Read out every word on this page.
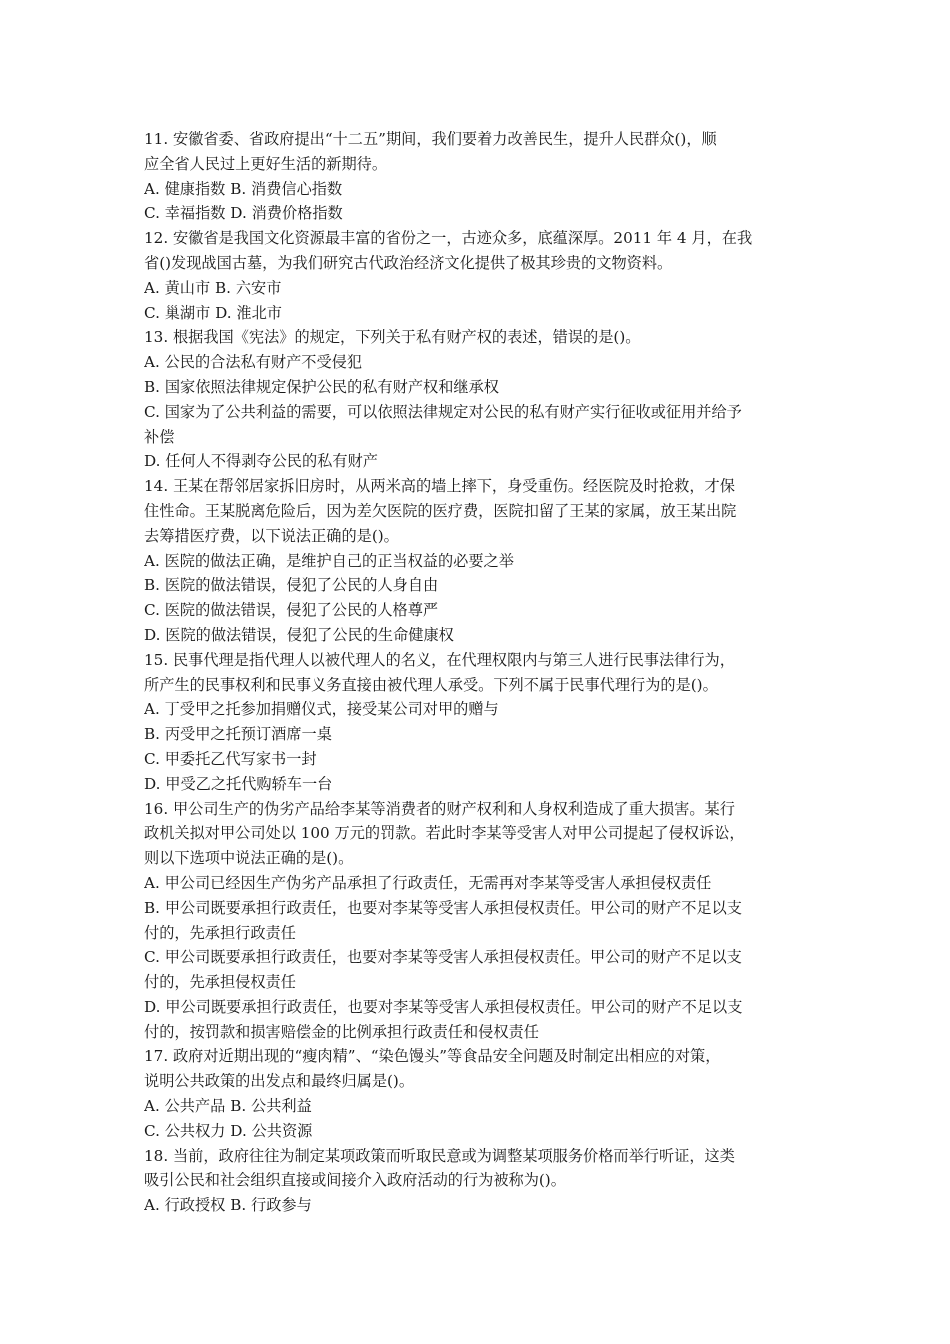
11. 安徽省委、省政府提出“十二五”期间，我们要着力改善民生，提升人民群众()，顺
应全省人民过上更好生活的新期待。
A. 健康指数 B. 消费信心指数
C. 幸福指数 D. 消费价格指数
12. 安徽省是我国文化资源最丰富的省份之一，古迹众多，底蕴深厚。2011 年 4 月，在我
省()发现战国古墓，为我们研究古代政治经济文化提供了极其珍贵的文物资料。
A. 黄山市 B. 六安市
C. 巢湖市 D. 淮北市
13. 根据我国《宪法》的规定，下列关于私有财产权的表述，错误的是()。
A. 公民的合法私有财产不受侵犯
B. 国家依照法律规定保护公民的私有财产权和继承权
C. 国家为了公共利益的需要，可以依照法律规定对公民的私有财产实行征收或征用并给予
补偿
D. 任何人不得剥夺公民的私有财产
14. 王某在帮邻居家拆旧房时，从两米高的墙上摔下，身受重伤。经医院及时抢救，才保
住性命。王某脱离危险后，因为差欠医院的医疗费，医院扣留了王某的家属，放王某出院
去筹措医疗费，以下说法正确的是()。
A. 医院的做法正确，是维护自己的正当权益的必要之举
B. 医院的做法错误，侵犯了公民的人身自由
C. 医院的做法错误，侵犯了公民的人格尊严
D. 医院的做法错误，侵犯了公民的生命健康权
15. 民事代理是指代理人以被代理人的名义，在代理权限内与第三人进行民事法律行为，
所产生的民事权利和民事义务直接由被代理人承受。下列不属于民事代理行为的是()。
A. 丁受甲之托参加捐赠仪式，接受某公司对甲的赠与
B. 丙受甲之托预订酒席一桌
C. 甲委托乙代写家书一封
D. 甲受乙之托代购轿车一台
16. 甲公司生产的伪劣产品给李某等消费者的财产权利和人身权利造成了重大损害。某行
政机关拟对甲公司处以 100 万元的罚款。若此时李某等受害人对甲公司提起了侵权诉讼，
则以下选项中说法正确的是()。
A. 甲公司已经因生产伪劣产品承担了行政责任，无需再对李某等受害人承担侵权责任
B. 甲公司既要承担行政责任，也要对李某等受害人承担侵权责任。甲公司的财产不足以支
付的，先承担行政责任
C. 甲公司既要承担行政责任，也要对李某等受害人承担侵权责任。甲公司的财产不足以支
付的，先承担侵权责任
D. 甲公司既要承担行政责任，也要对李某等受害人承担侵权责任。甲公司的财产不足以支
付的，按罚款和损害赔偿金的比例承担行政责任和侵权责任
17. 政府对近期出现的“瘦肉精”、“染色馒头”等食品安全问题及时制定出相应的对策，
说明公共政策的出发点和最终归属是()。
A. 公共产品 B. 公共利益
C. 公共权力 D. 公共资源
18. 当前，政府往往为制定某项政策而听取民意或为调整某项服务价格而举行听证，这类
吸引公民和社会组织直接或间接介入政府活动的行为被称为()。
A. 行政授权 B. 行政参与
